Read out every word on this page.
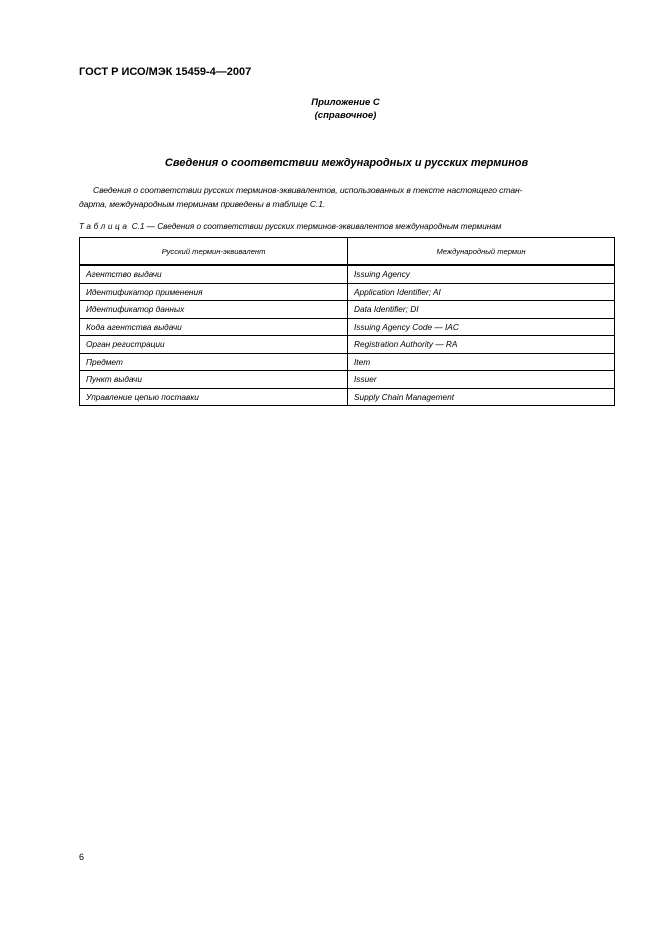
ГОСТ Р ИСО/МЭК 15459-4—2007
Приложение С
(справочное)
Сведения о соответствии международных и русских терминов
Сведения о соответствии русских терминов-эквивалентов, использованных в тексте настоящего стан-
дарта, международным терминам приведены в таблице С.1.
Таблица С.1 — Сведения о соответствии русских терминов-эквивалентов международным терминам
Русский термин-эквивалент	Международный термин
Агентство выдачи	Issuing Agency
Идентификатор применения	Application Identifier; AI
Идентификатор данных	Data Identifier; DI
Кода агентства выдачи	Issuing Agency Code — IAC
Орган регистрации	Registration Authority — RA
Предмет	Item
Пункт выдачи	Issuer
Управление цепью поставки	Supply Chain Management
6
